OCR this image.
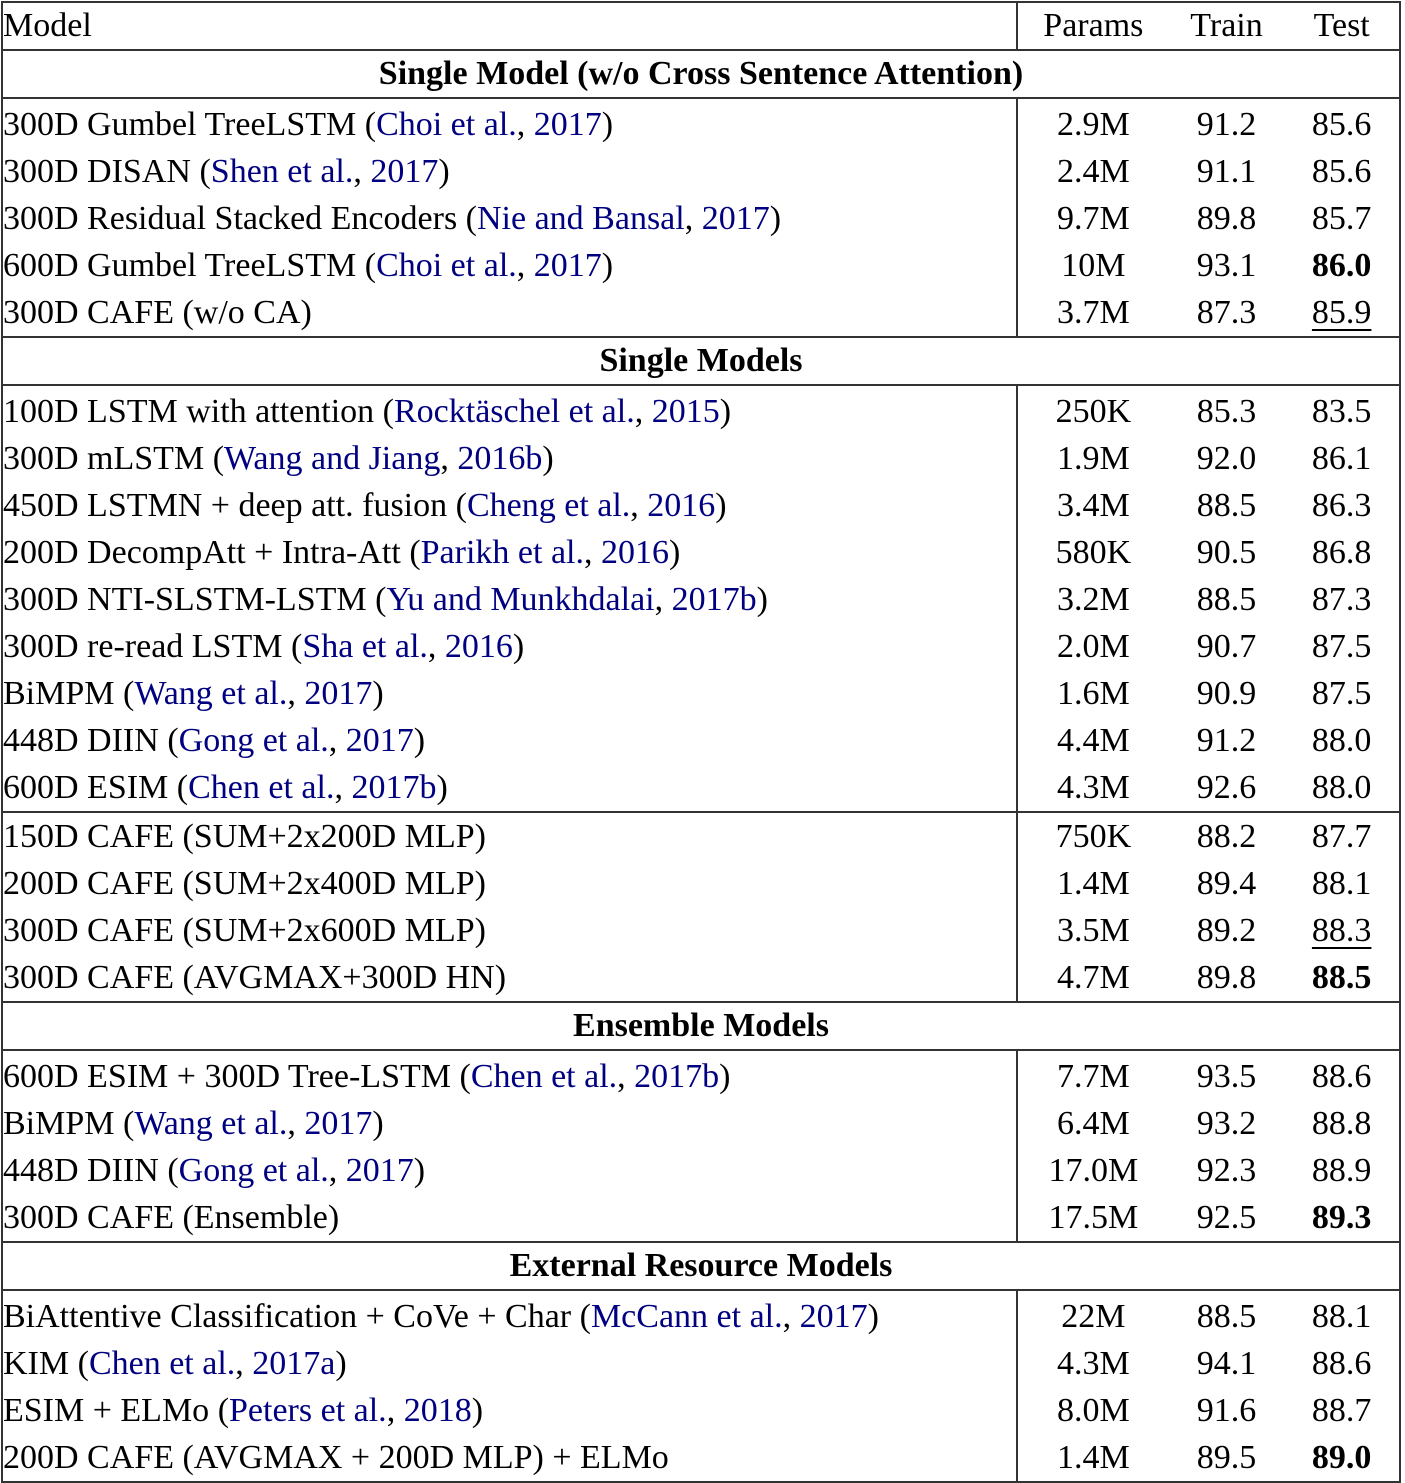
Model	Params	Train	Test
Single Model (w/o Cross Sentence Attention)			
300D Gumbel TreeLSTM (Choi et al., 2017)	2.9M	91.2	85.6
300D DISAN (Shen et al., 2017)	2.4M	91.1	85.6
300D Residual Stacked Encoders (Nie and Bansal, 2017)	9.7M	89.8	85.7
600D Gumbel TreeLSTM (Choi et al., 2017)	10M	93.1	86.0
300D CAFE (w/o CA)	3.7M	87.3	85.9
Single Models			
100D LSTM with attention (Rocktäschel et al., 2015)	250K	85.3	83.5
300D mLSTM (Wang and Jiang, 2016b)	1.9M	92.0	86.1
450D LSTMN + deep att. fusion (Cheng et al., 2016)	3.4M	88.5	86.3
200D DecompAtt + Intra-Att (Parikh et al., 2016)	580K	90.5	86.8
300D NTI-SLSTM-LSTM (Yu and Munkhdalai, 2017b)	3.2M	88.5	87.3
300D re-read LSTM (Sha et al., 2016)	2.0M	90.7	87.5
BiMPM (Wang et al., 2017)	1.6M	90.9	87.5
448D DIIN (Gong et al., 2017)	4.4M	91.2	88.0
600D ESIM (Chen et al., 2017b)	4.3M	92.6	88.0
150D CAFE (SUM+2x200D MLP)	750K	88.2	87.7
200D CAFE (SUM+2x400D MLP)	1.4M	89.4	88.1
300D CAFE (SUM+2x600D MLP)	3.5M	89.2	88.3
300D CAFE (AVGMAX+300D HN)	4.7M	89.8	88.5
Ensemble Models			
600D ESIM + 300D Tree-LSTM (Chen et al., 2017b)	7.7M	93.5	88.6
BiMPM (Wang et al., 2017)	6.4M	93.2	88.8
448D DIIN (Gong et al., 2017)	17.0M	92.3	88.9
300D CAFE (Ensemble)	17.5M	92.5	89.3
External Resource Models			
BiAttentive Classification + CoVe + Char (McCann et al., 2017)	22M	88.5	88.1
KIM (Chen et al., 2017a)	4.3M	94.1	88.6
ESIM + ELMo (Peters et al., 2018)	8.0M	91.6	88.7
200D CAFE (AVGMAX + 200D MLP) + ELMo	1.4M	89.5	89.0
